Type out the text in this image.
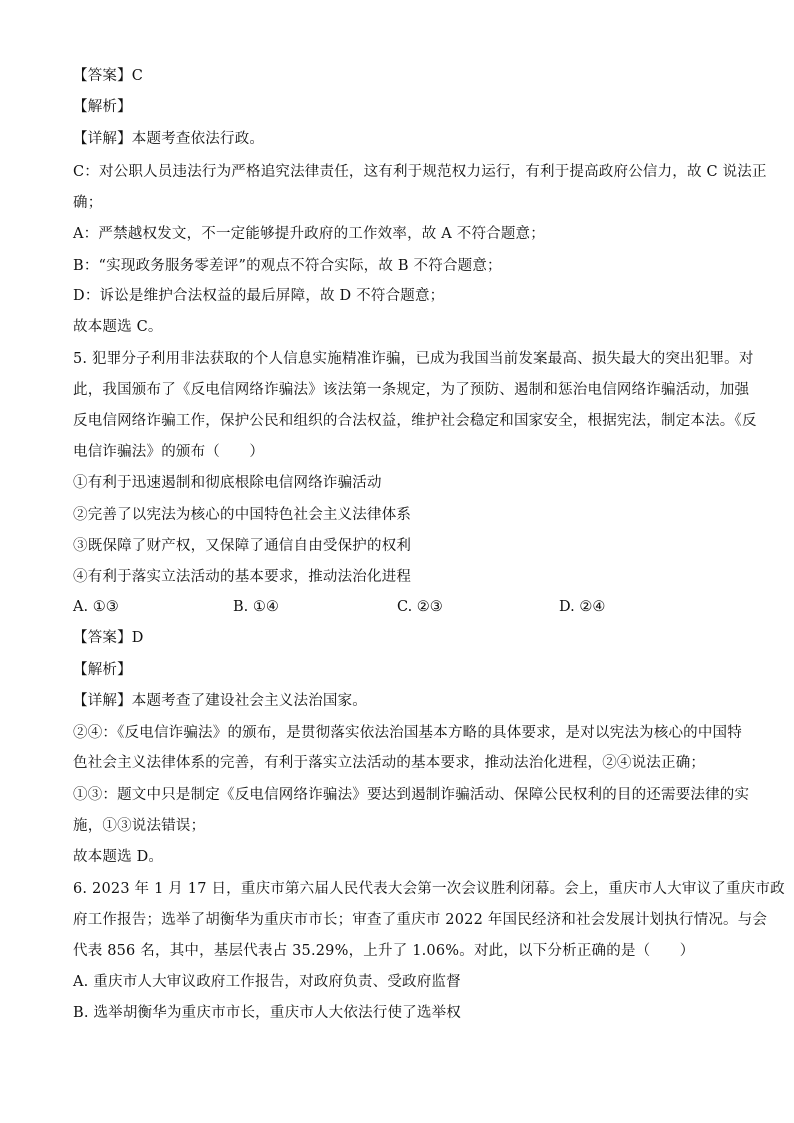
【答案】C
【解析】
【详解】本题考查依法行政。
C：对公职人员违法行为严格追究法律责任，这有利于规范权力运行，有利于提高政府公信力，故 C 说法正
确；
A：严禁越权发文，不一定能够提升政府的工作效率，故 A 不符合题意；
B：“实现政务服务零差评”的观点不符合实际，故 B 不符合题意；
D：诉讼是维护合法权益的最后屏障，故 D 不符合题意；
故本题选 C。
5. 犯罪分子利用非法获取的个人信息实施精准诈骗，已成为我国当前发案最高、损失最大的突出犯罪。对
此，我国颁布了《反电信网络诈骗法》该法第一条规定，为了预防、遏制和惩治电信网络诈骗活动，加强
反电信网络诈骗工作，保护公民和组织的合法权益，维护社会稳定和国家安全，根据宪法，制定本法。《反
电信诈骗法》的颁布（　　）
①有利于迅速遏制和彻底根除电信网络诈骗活动
②完善了以宪法为核心的中国特色社会主义法律体系
③既保障了财产权，又保障了通信自由受保护的权利
④有利于落实立法活动的基本要求，推动法治化进程
A. ①③	B. ①④	C. ②③	D. ②④
【答案】D
【解析】
【详解】本题考查了建设社会主义法治国家。
②④：《反电信诈骗法》的颁布，是贯彻落实依法治国基本方略的具体要求，是对以宪法为核心的中国特
色社会主义法律体系的完善，有利于落实立法活动的基本要求，推动法治化进程，②④说法正确；
①③：题文中只是制定《反电信网络诈骗法》要达到遏制诈骗活动、保障公民权利的目的还需要法律的实
施，①③说法错误；
故本题选 D。
6. 2023 年 1 月 17 日，重庆市第六届人民代表大会第一次会议胜利闭幕。会上，重庆市人大审议了重庆市政
府工作报告；选举了胡衡华为重庆市市长；审查了重庆市 2022 年国民经济和社会发展计划执行情况。与会
代表 856 名，其中，基层代表占 35.29%，上升了 1.06%。对此，以下分析正确的是（　　）
A. 重庆市人大审议政府工作报告，对政府负责、受政府监督
B. 选举胡衡华为重庆市市长，重庆市人大依法行使了选举权
